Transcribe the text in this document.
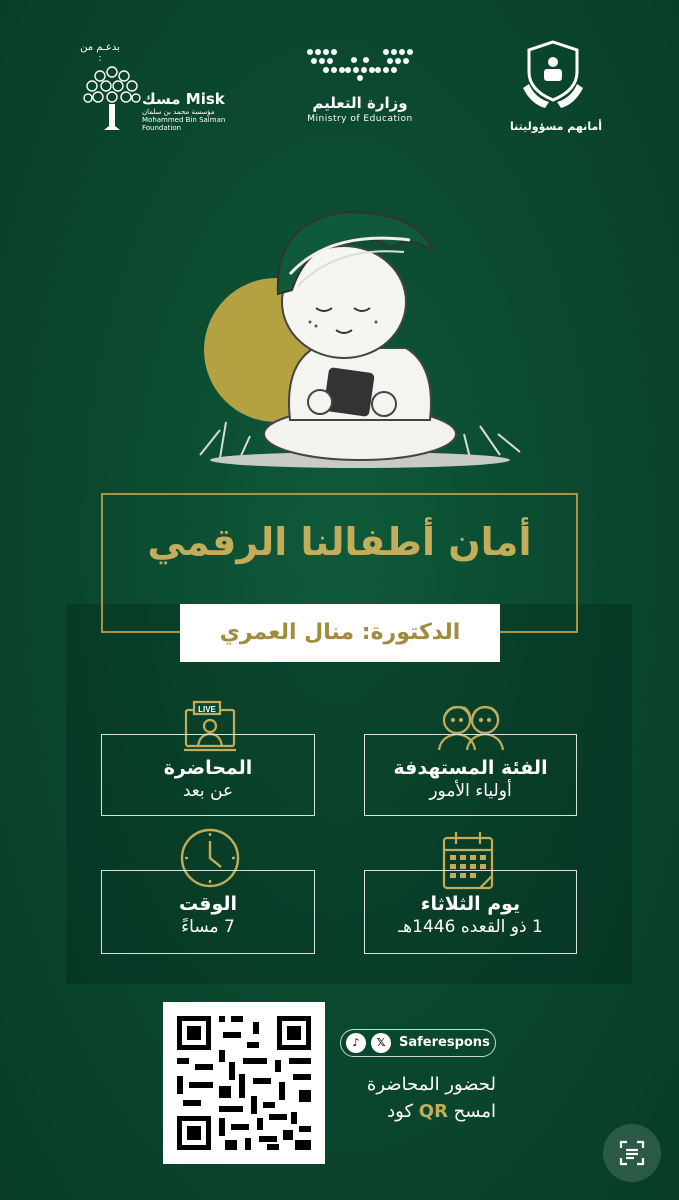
بدعـم من :
Misk مسك
مؤسسة محمد بن سلمان
Mohammed Bin Salman
Foundation
وزارة التعليم
Ministry of Education
أمانهم مسؤوليتنا
أمان أطفالنا الرقمي
الدكتورة: منال العمري
الفئة المستهدفة
أولياء الأمور
LIVE
المحاضرة
عن بعد
يوم الثلاثاء
1 ذو القعده 1446هـ
الوقت
7 مساءً
♪	𝕏	Saferespons
لحضور المحاضرة
امسح QR كود
